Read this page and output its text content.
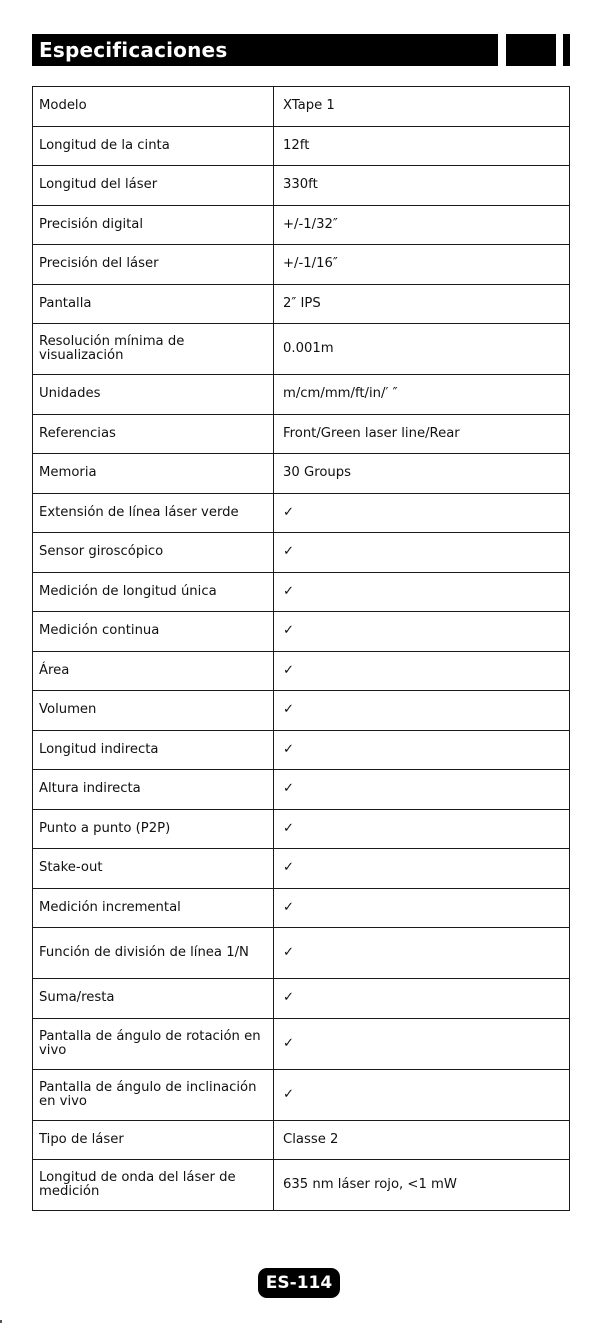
Especificaciones
Modelo	XTape 1
Longitud de la cinta	12ft
Longitud del láser	330ft
Precisión digital	+/-1/32″
Precisión del láser	+/-1/16″
Pantalla	2″ IPS
Resolución mínima de visualización	0.001m
Unidades	m/cm/mm/ft/in/′ ″
Referencias	Front/Green laser line/Rear
Memoria	30 Groups
Extensión de línea láser verde	✓
Sensor giroscópico	✓
Medición de longitud única	✓
Medición continua	✓
Área	✓
Volumen	✓
Longitud indirecta	✓
Altura indirecta	✓
Punto a punto (P2P)	✓
Stake-out	✓
Medición incremental	✓
Función de división de línea 1/N	✓
Suma/resta	✓
Pantalla de ángulo de rotación en vivo	✓
Pantalla de ángulo de inclinación en vivo	✓
Tipo de láser	Classe 2
Longitud de onda del láser de medición	635 nm láser rojo, <1 mW
ES-114
